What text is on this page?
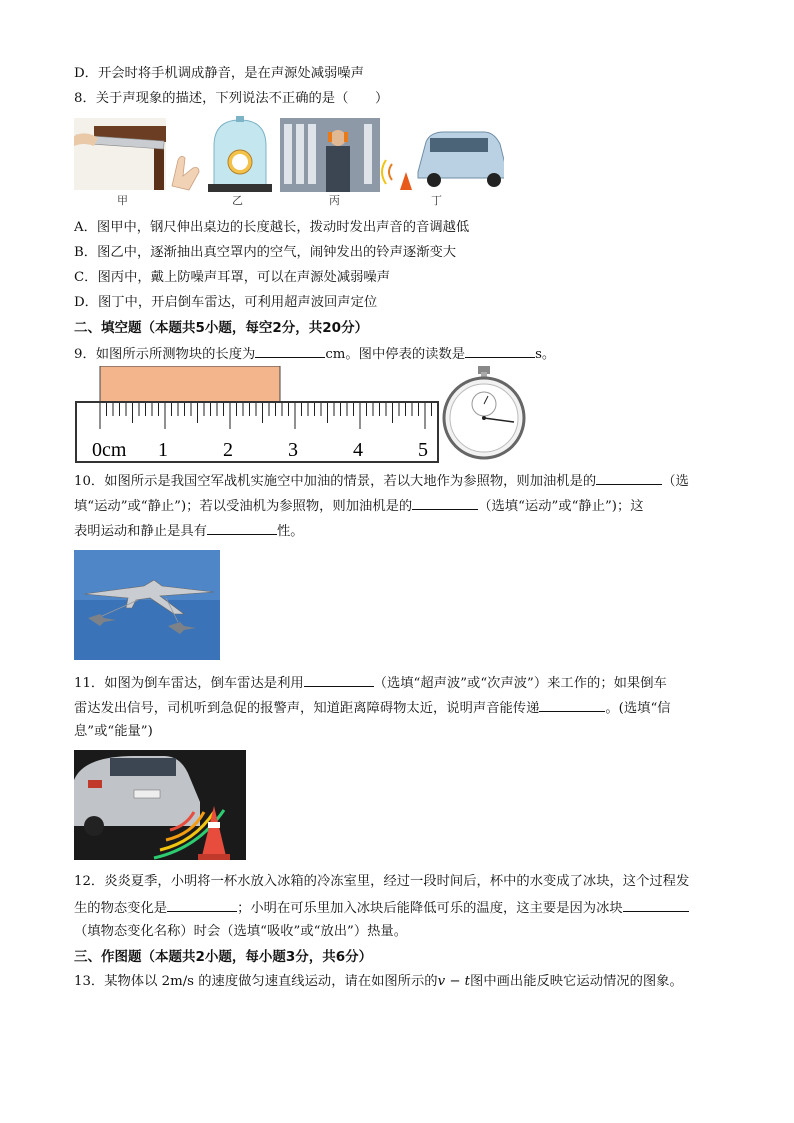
D．开会时将手机调成静音，是在声源处减弱噪声
8．关于声现象的描述，下列说法不正确的是（　　）
甲	乙	丙	丁
A．图甲中，钢尺伸出桌边的长度越长，拨动时发出声音的音调越低
B．图乙中，逐渐抽出真空罩内的空气，闹钟发出的铃声逐渐变大
C．图丙中，戴上防噪声耳罩，可以在声源处减弱噪声
D．图丁中，开启倒车雷达，可利用超声波回声定位
二、填空题（本题共5小题，每空2分，共20分）
9．如图所示所测物块的长度为	cm。图中停表的读数是	s。
0cm 1	2	3	4	5
10．如图所示是我国空军战机实施空中加油的情景，若以大地作为参照物，则加油机是的	（选
填“运动”或“静止”)；若以受油机为参照物，则加油机是的	（选填“运动”或“静止”)；这
表明运动和静止是具有	性。
11．如图为倒车雷达，倒车雷达是利用	（选填“超声波”或“次声波”）来工作的；如果倒车
雷达发出信号，司机听到急促的报警声，知道距离障碍物太近，说明声音能传递	。(选填“信
息”或“能量”)
12．炎炎夏季，小明将一杯水放入冰箱的冷冻室里，经过一段时间后，杯中的水变成了冰块，这个过程发
生的物态变化是	；小明在可乐里加入冰块后能降低可乐的温度，这主要是因为冰块
（填物态变化名称）时会（选填“吸收”或“放出”）热量。
三、作图题（本题共2小题，每小题3分，共6分）
13．某物体以 2m/s 的速度做匀速直线运动，请在如图所示的v − t图中画出能反映它运动情况的图象。
